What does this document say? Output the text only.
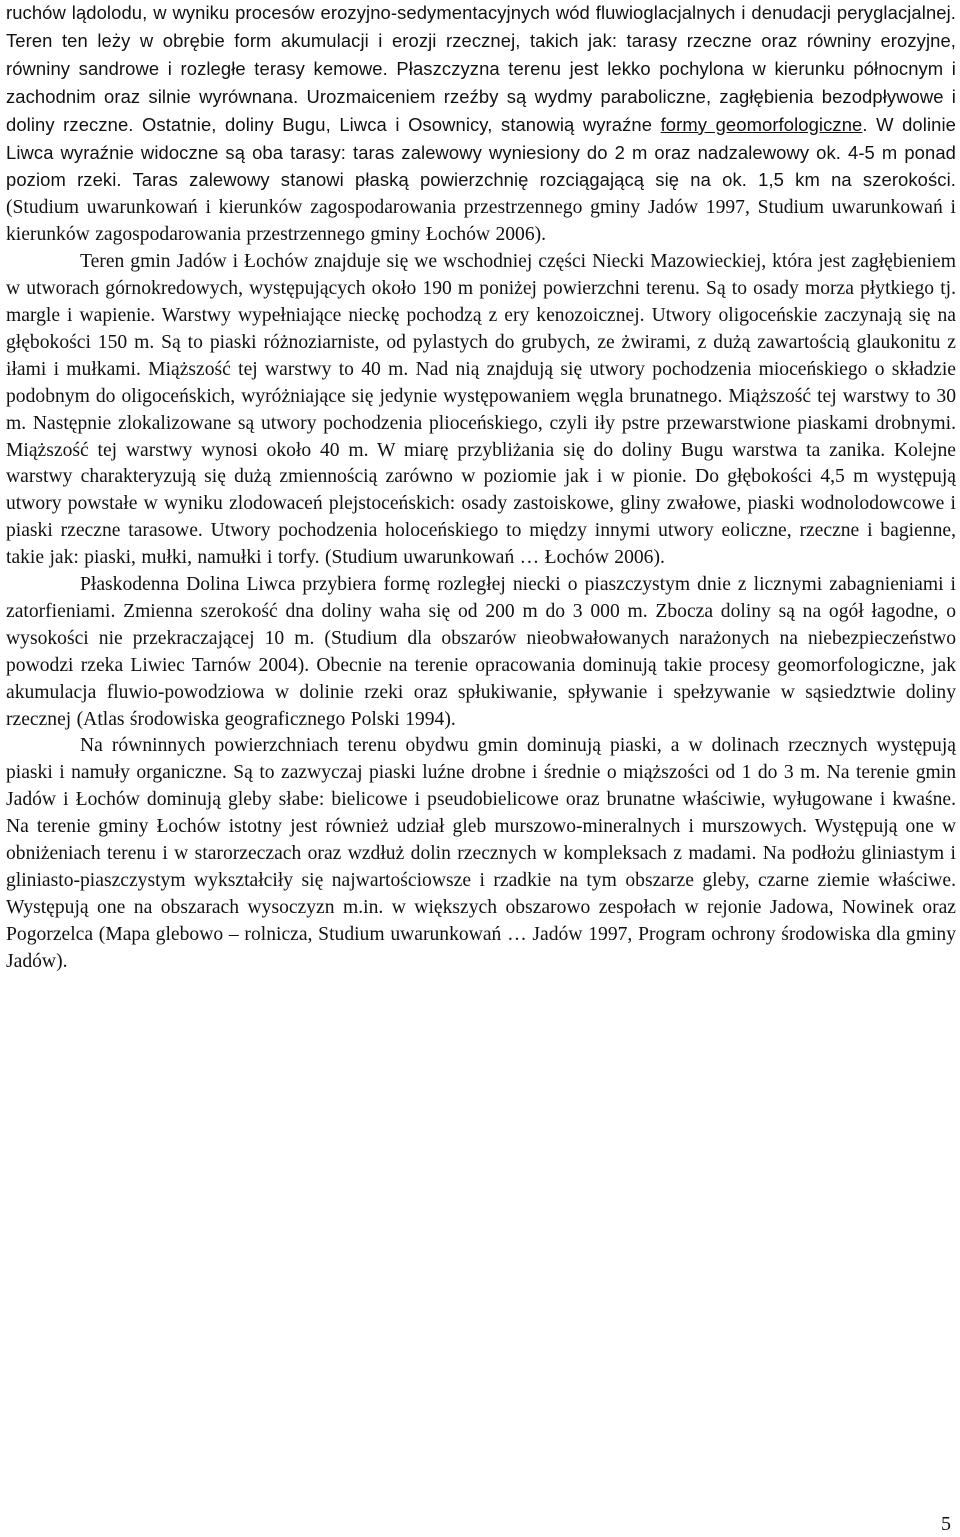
ruchów lądolodu, w wyniku procesów erozyjno-sedymentacyjnych wód fluwioglacjalnych i denudacji peryglacjalnej. Teren ten leży w obrębie form akumulacji i erozji rzecznej, takich jak: tarasy rzeczne oraz równiny erozyjne, równiny sandrowe i rozległe terasy kemowe. Płaszczyzna terenu jest lekko pochylona w kierunku północnym i zachodnim oraz silnie wyrównana. Urozmaiceniem rzeźby są wydmy paraboliczne, zagłębienia bezodpływowe i doliny rzeczne. Ostatnie, doliny Bugu, Liwca i Osownicy, stanowią wyraźne formy geomorfologiczne. W dolinie Liwca wyraźnie widoczne są oba tarasy: taras zalewowy wyniesiony do 2 m oraz nadzalewowy ok. 4-5 m ponad poziom rzeki. Taras zalewowy stanowi płaską powierzchnię rozciągającą się na ok. 1,5 km na szerokości. (Studium uwarunkowań i kierunków zagospodarowania przestrzennego gminy Jadów 1997, Studium uwarunkowań i kierunków zagospodarowania przestrzennego gminy Łochów 2006).

Teren gmin Jadów i Łochów znajduje się we wschodniej części Niecki Mazowieckiej, która jest zagłębieniem w utworach górnokredowych, występujących około 190 m poniżej powierzchni terenu. Są to osady morza płytkiego tj. margle i wapienie. Warstwy wypełniające nieckę pochodzą z ery kenozoicznej. Utwory oligoceńskie zaczynają się na głębokości 150 m. Są to piaski różnoziarniste, od pylastych do grubych, ze żwirami, z dużą zawartością glaukonitu z iłami i mułkami. Miąższość tej warstwy to 40 m. Nad nią znajdują się utwory pochodzenia mioceńskiego o składzie podobnym do oligoceńskich, wyróżniające się jedynie występowaniem węgla brunatnego. Miąższość tej warstwy to 30 m. Następnie zlokalizowane są utwory pochodzenia plioceńskiego, czyli iły pstre przewarstwione piaskami drobnymi. Miąższość tej warstwy wynosi około 40 m. W miarę przybliżania się do doliny Bugu warstwa ta zanika. Kolejne warstwy charakteryzują się dużą zmiennością zarówno w poziomie jak i w pionie. Do głębokości 4,5 m występują utwory powstałe w wyniku zlodowaceń plejstoceńskich: osady zastoiskowe, gliny zwałowe, piaski wodnolodowcowe i piaski rzeczne tarasowe. Utwory pochodzenia holoceńskiego to między innymi utwory eoliczne, rzeczne i bagienne, takie jak: piaski, mułki, namułki i torfy. (Studium uwarunkowań … Łochów 2006).

Płaskodenna Dolina Liwca przybiera formę rozległej niecki o piaszczystym dnie z licznymi zabagnieniami i zatorfieniami. Zmienna szerokość dna doliny waha się od 200 m do 3 000 m. Zbocza doliny są na ogół łagodne, o wysokości nie przekraczającej 10 m. (Studium dla obszarów nieobwałowanych narażonych na niebezpieczeństwo powodzi rzeka Liwiec Tarnów 2004). Obecnie na terenie opracowania dominują takie procesy geomorfologiczne, jak akumulacja fluwio-powodziowa w dolinie rzeki oraz spłukiwanie, spływanie i spełzywanie w sąsiedztwie doliny rzecznej (Atlas środowiska geograficznego Polski 1994).

Na równinnych powierzchniach terenu obydwu gmin dominują piaski, a w dolinach rzecznych występują piaski i namuły organiczne. Są to zazwyczaj piaski luźne drobne i średnie o miąższości od 1 do 3 m. Na terenie gmin Jadów i Łochów dominują gleby słabe: bielicowe i pseudobielicowe oraz brunatne właściwie, wyługowane i kwaśne. Na terenie gminy Łochów istotny jest również udział gleb murszowo-mineralnych i murszowych. Występują one w obniżeniach terenu i w starorzeczach oraz wzdłuż dolin rzecznych w kompleksach z madami. Na podłożu gliniastym i gliniasto-piaszczystym wykształciły się najwartościowsze i rzadkie na tym obszarze gleby, czarne ziemie właściwe. Występują one na obszarach wysoczyzn m.in. w większych obszarowo zespołach w rejonie Jadowa, Nowinek oraz Pogorzelca (Mapa glebowo – rolnicza, Studium uwarunkowań … Jadów 1997, Program ochrony środowiska dla gminy Jadów).

5
